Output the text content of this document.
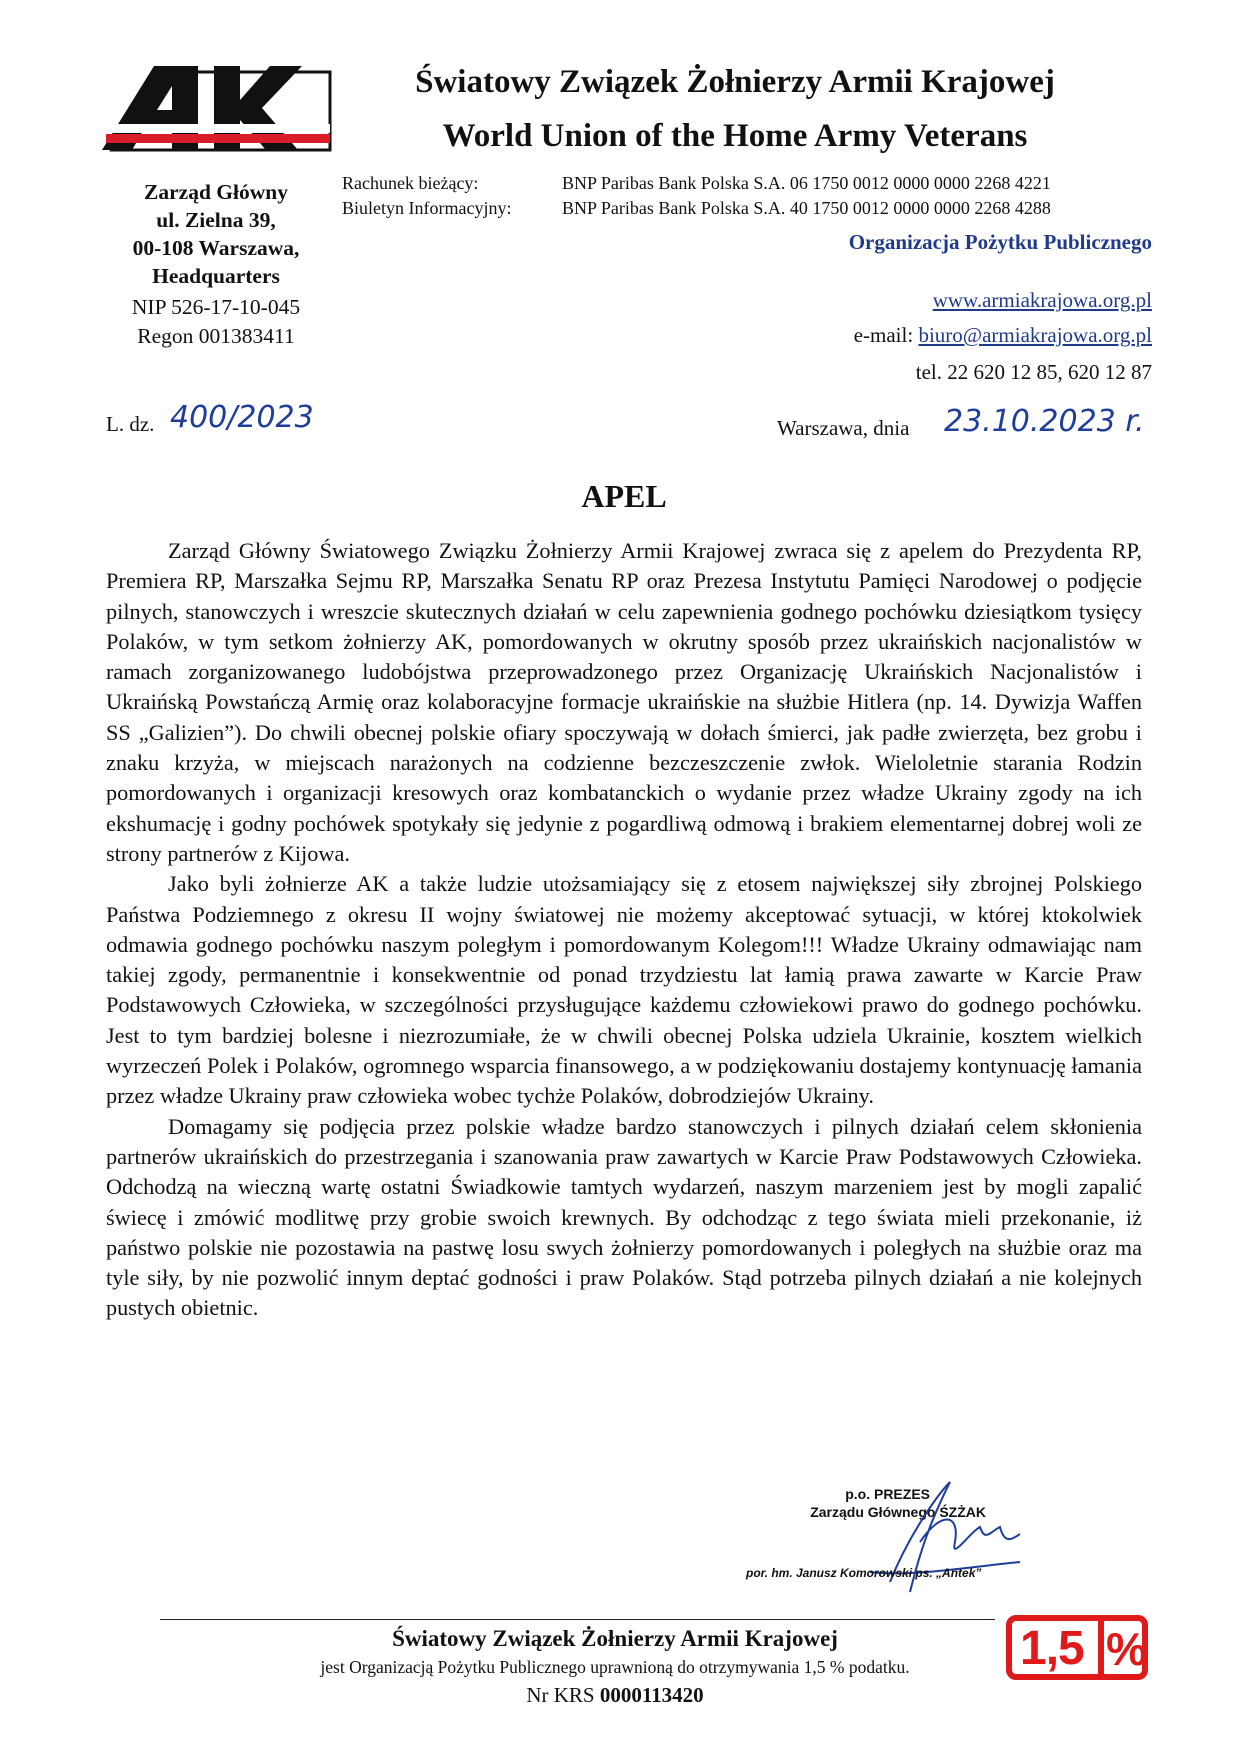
Światowy Związek Żołnierzy Armii Krajowej
World Union of the Home Army Veterans
Zarząd Główny
ul. Zielna 39,
00-108 Warszawa,
Headquarters
NIP 526-17-10-045
Regon 001383411
Rachunek bieżący:	BNP Paribas Bank Polska S.A. 06 1750 0012 0000 0000 2268 4221
Biuletyn Informacyjny:	BNP Paribas Bank Polska S.A. 40 1750 0012 0000 0000 2268 4288
Organizacja Pożytku Publicznego
www.armiakrajowa.org.pl
e-mail: biuro@armiakrajowa.org.pl
tel. 22 620 12 85, 620 12 87
L. dz. 400/2023	Warszawa, dnia 23.10.2023 r.
APEL

Zarząd Główny Światowego Związku Żołnierzy Armii Krajowej zwraca się z apelem do Prezydenta RP, Premiera RP, Marszałka Sejmu RP, Marszałka Senatu RP oraz Prezesa Instytutu Pamięci Narodowej o podjęcie pilnych, stanowczych i wreszcie skutecznych działań w celu zapewnienia godnego pochówku dziesiątkom tysięcy Polaków, w tym setkom żołnierzy AK, pomordowanych w okrutny sposób przez ukraińskich nacjonalistów w ramach zorganizowanego ludobójstwa przeprowadzonego przez Organizację Ukraińskich Nacjonalistów i Ukraińską Powstańczą Armię oraz kolaboracyjne formacje ukraińskie na służbie Hitlera (np. 14. Dywizja Waffen SS „Galizien”). Do chwili obecnej polskie ofiary spoczywają w dołach śmierci, jak padłe zwierzęta, bez grobu i znaku krzyża, w miejscach narażonych na codzienne bezczeszczenie zwłok. Wieloletnie starania Rodzin pomordowanych i organizacji kresowych oraz kombatanckich o wydanie przez władze Ukrainy zgody na ich ekshumację i godny pochówek spotykały się jedynie z pogardliwą odmową i brakiem elementarnej dobrej woli ze strony partnerów z Kijowa.

Jako byli żołnierze AK a także ludzie utożsamiający się z etosem największej siły zbrojnej Polskiego Państwa Podziemnego z okresu II wojny światowej nie możemy akceptować sytuacji, w której ktokolwiek odmawia godnego pochówku naszym poległym i pomordowanym Kolegom!!! Władze Ukrainy odmawiając nam takiej zgody, permanentnie i konsekwentnie od ponad trzydziestu lat łamią prawa zawarte w Karcie Praw Podstawowych Człowieka, w szczególności przysługujące każdemu człowiekowi prawo do godnego pochówku. Jest to tym bardziej bolesne i niezrozumiałe, że w chwili obecnej Polska udziela Ukrainie, kosztem wielkich wyrzeczeń Polek i Polaków, ogromnego wsparcia finansowego, a w podziękowaniu dostajemy kontynuację łamania przez władze Ukrainy praw człowieka wobec tychże Polaków, dobrodziejów Ukrainy.

Domagamy się podjęcia przez polskie władze bardzo stanowczych i pilnych działań celem skłonienia partnerów ukraińskich do przestrzegania i szanowania praw zawartych w Karcie Praw Podstawowych Człowieka. Odchodzą na wieczną wartę ostatni Świadkowie tamtych wydarzeń, naszym marzeniem jest by mogli zapalić świecę i zmówić modlitwę przy grobie swoich krewnych. By odchodząc z tego świata mieli przekonanie, iż państwo polskie nie pozostawia na pastwę losu swych żołnierzy pomordowanych i poległych na służbie oraz ma tyle siły, by nie pozwolić innym deptać godności i praw Polaków. Stąd potrzeba pilnych działań a nie kolejnych pustych obietnic.

p.o. PREZES
Zarządu Głównego ŚZŻAK
por. hm. Janusz Komorowski ps. „Antek”
Światowy Związek Żołnierzy Armii Krajowej
jest Organizacją Pożytku Publicznego uprawnioną do otrzymywania 1,5 % podatku.
Nr KRS 0000113420
1,5 %
